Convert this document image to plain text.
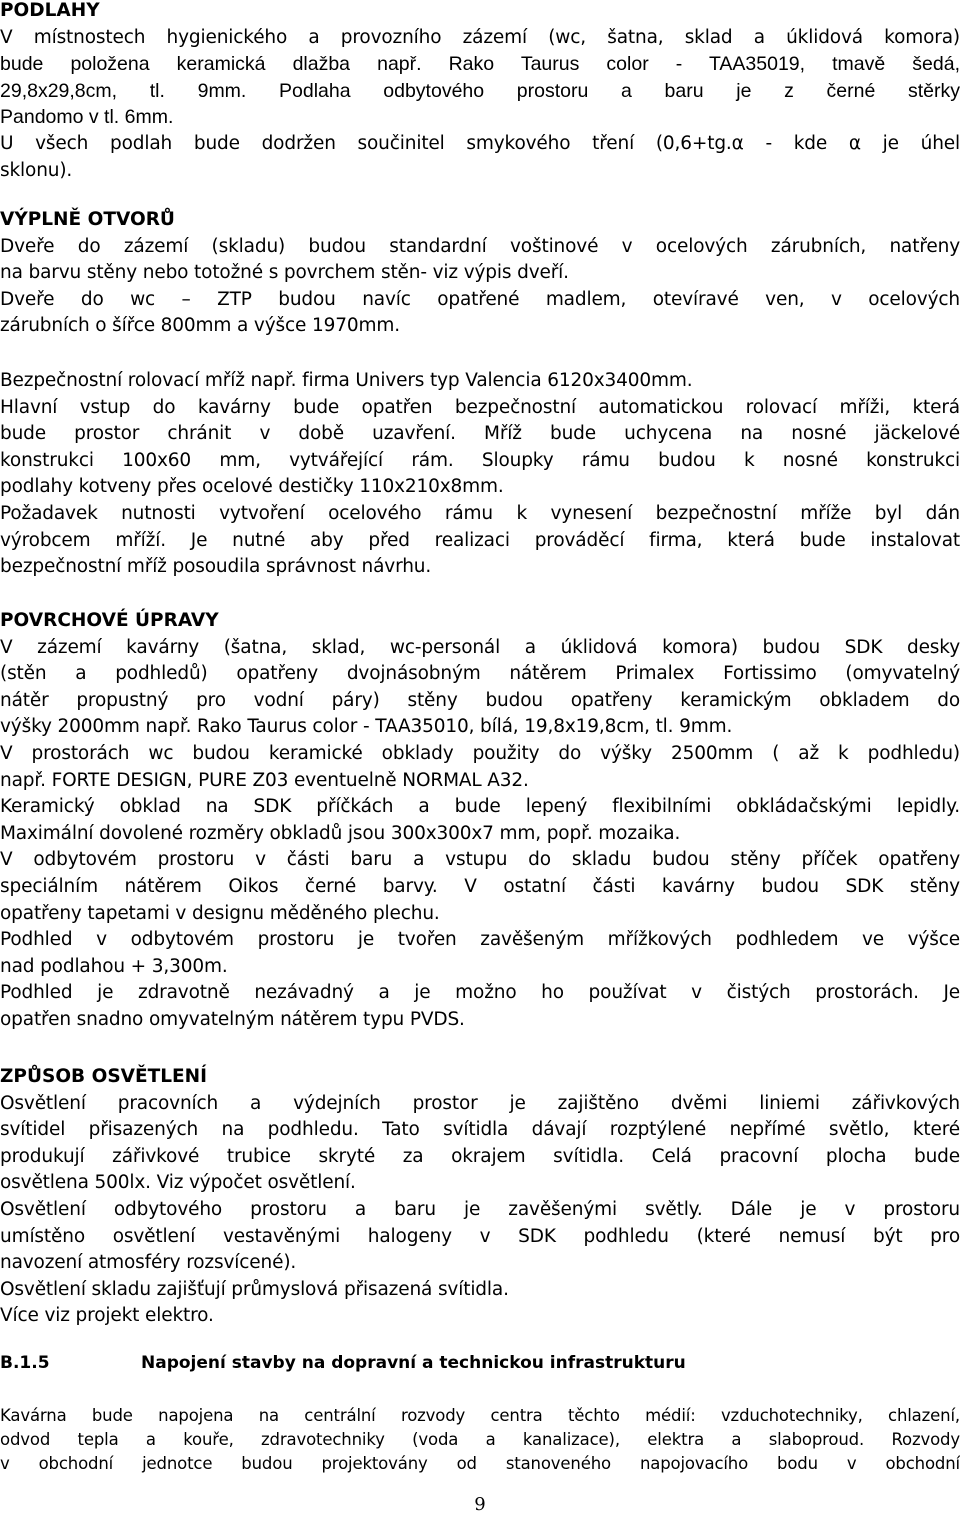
PODLAHY
V místnostech hygienického a provozního zázemí (wc, šatna, sklad a úklidová komora)
bude položena keramická dlažba např. Rako Taurus color - TAA35019, tmavě šedá,
29,8x29,8cm, tl. 9mm. Podlaha odbytového prostoru a baru je z černé stěrky
Pandomo v tl. 6mm.
U všech podlah bude dodržen součinitel smykového tření (0,6+tg.α - kde α je úhel
sklonu).
VÝPLNĚ OTVORŮ
Dveře do zázemí (skladu) budou standardní voštinové v ocelových zárubních, natřeny
na barvu stěny nebo totožné s povrchem stěn- viz výpis dveří.
Dveře do wc – ZTP budou navíc opatřené madlem, otevíravé ven, v ocelových
zárubních o šířce 800mm a výšce 1970mm.
Bezpečnostní rolovací mříž např. firma Univers typ Valencia 6120x3400mm.
Hlavní vstup do kavárny bude opatřen bezpečnostní automatickou rolovací mříži, která
bude prostor chránit v době uzavření. Mříž bude uchycena na nosné jäckelové
konstrukci 100x60 mm, vytvářející rám. Sloupky rámu budou k nosné konstrukci
podlahy kotveny přes ocelové destičky 110x210x8mm.
Požadavek nutnosti vytvoření ocelového rámu k vynesení bezpečnostní mříže byl dán
výrobcem mříží. Je nutné aby před realizaci prováděcí firma, která bude instalovat
bezpečnostní mříž posoudila správnost návrhu.
POVRCHOVÉ ÚPRAVY
V zázemí kavárny (šatna, sklad, wc-personál a úklidová komora) budou SDK desky
(stěn a podhledů) opatřeny dvojnásobným nátěrem Primalex Fortissimo (omyvatelný
nátěr propustný pro vodní páry) stěny budou opatřeny keramickým obkladem do
výšky 2000mm např. Rako Taurus color - TAA35010, bílá, 19,8x19,8cm, tl. 9mm.
V prostorách wc budou keramické obklady použity do výšky 2500mm ( až k podhledu)
např. FORTE DESIGN, PURE Z03 eventuelně NORMAL A32.
Keramický obklad na SDK příčkách a bude lepený flexibilními obkládačskými lepidly.
Maximální dovolené rozměry obkladů jsou 300x300x7 mm, popř. mozaika.
V odbytovém prostoru v části baru a vstupu do skladu budou stěny příček opatřeny
speciálním nátěrem Oikos černé barvy. V ostatní části kavárny budou SDK stěny
opatřeny tapetami v designu měděného plechu.
Podhled v odbytovém prostoru je tvořen zavěšeným mřížkových podhledem ve výšce
nad podlahou + 3,300m.
Podhled je zdravotně nezávadný a je možno ho používat v čistých prostorách. Je
opatřen snadno omyvatelným nátěrem typu PVDS.
ZPŮSOB OSVĚTLENÍ
Osvětlení pracovních a výdejních prostor je zajištěno dvěmi liniemi zářivkových
svítidel přisazených na podhledu. Tato svítidla dávají rozptýlené nepřímé světlo, které
produkují zářivkové trubice skryté za okrajem svítidla. Celá pracovní plocha bude
osvětlena 500lx. Viz výpočet osvětlení.
Osvětlení odbytového prostoru a baru je zavěšenými světly. Dále je v prostoru
umístěno osvětlení vestavěnými halogeny v SDK podhledu (které nemusí být pro
navození atmosféry rozsvícené).
Osvětlení skladu zajišťují průmyslová přisazená svítidla.
Více viz projekt elektro.
B.1.5	Napojení stavby na dopravní a technickou infrastrukturu
Kavárna bude napojena na centrální rozvody centra těchto médií: vzduchotechniky, chlazení,
odvod tepla a kouře, zdravotechniky (voda a kanalizace), elektra a slaboproud. Rozvody
v obchodní jednotce budou projektovány od stanoveného napojovacího bodu v obchodní
9
